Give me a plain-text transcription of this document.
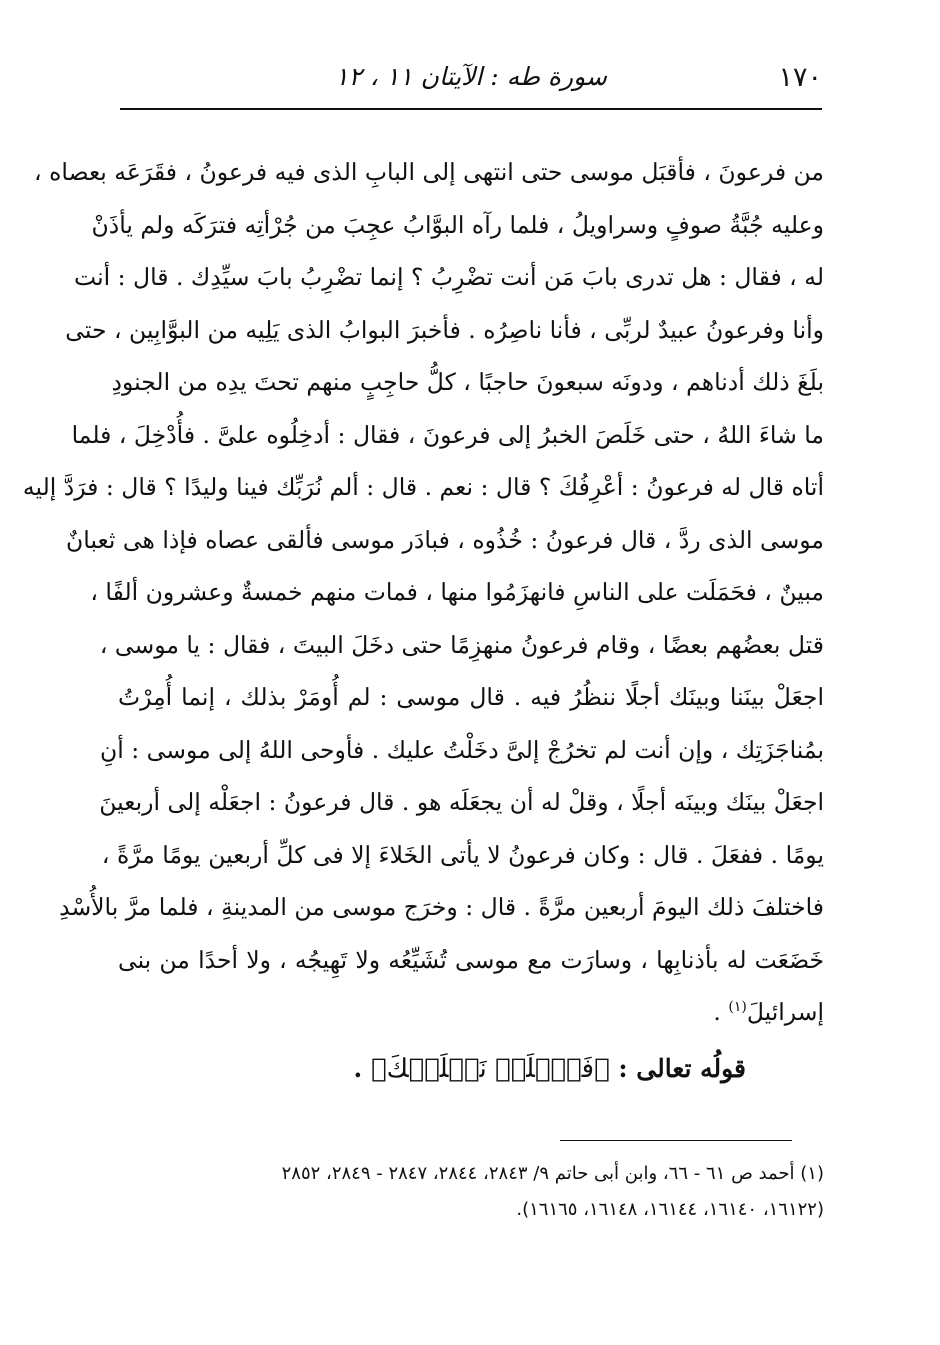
١٧٠
سورة طه : الآيتان ١١ ، ١٢
من فرعونَ ، فأقبَل موسى حتى انتهى إلى البابِ الذى فيه فرعونُ ، فقَرَعَه بعصاه ،
وعليه جُبَّةُ صوفٍ وسراويلُ ، فلما رآه البوَّابُ عجِبَ من جُرْأتِه فترَكَه ولم يأذَنْ
له ، فقال : هل تدرى بابَ مَن أنت تضْرِبُ ؟ إنما تضْرِبُ بابَ سيِّدِك . قال : أنت
وأنا وفرعونُ عبيدٌ لربِّى ، فأنا ناصِرُه . فأخبرَ البوابُ الذى يَلِيه من البوَّابِين ، حتى
بلَغَ ذلك أدناهم ، ودونَه سبعونَ حاجبًا ، كلُّ حاجِبٍ منهم تحتَ يدِه من الجنودِ
ما شاءَ اللهُ ، حتى خَلَصَ الخبرُ إلى فرعونَ ، فقال : أدخِلُوه علىَّ . فأُدْخِلَ ، فلما
أتاه قال له فرعونُ : أعْرِفُكَ ؟ قال : نعم . قال : ألم نُرَبِّك فينا وليدًا ؟ قال : فرَدَّ إليه
موسى الذى ردَّ ، قال فرعونُ : خُذُوه ، فبادَر موسى فألقى عصاه فإذا هى ثعبانٌ
مبينٌ ، فحَمَلَت على الناسِ فانهزَمُوا منها ، فمات منهم خمسةٌ وعشرون ألفًا ،
قتل بعضُهم بعضًا ، وقام فرعونُ منهزِمًا حتى دخَلَ البيتَ ، فقال : يا موسى ،
اجعَلْ بينَنا وبينَك أجلًا ننظُرُ فيه . قال موسى : لم أُومَرْ بذلك ، إنما أُمِرْتُ
بمُناجَزَتِك ، وإن أنت لم تخرُجْ إلىَّ دخَلْتُ عليك . فأوحى اللهُ إلى موسى : أنِ
اجعَلْ بينَك وبينَه أجلًا ، وقلْ له أن يجعَلَه هو . قال فرعونُ : اجعَلْه إلى أربعينَ
يومًا . ففعَلَ . قال : وكان فرعونُ لا يأتى الخَلاءَ إلا فى كلِّ أربعين يومًا مرَّةً ،
فاختلفَ ذلك اليومَ أربعين مرَّةً . قال : وخرَج موسى من المدينةِ ، فلما مرَّ بالأُسْدِ
خَضَعَت له بأذنابِها ، وسارَت مع موسى تُشَيِّعُه ولا تَهِيجُه ، ولا أحدًا من بنى
إسرائيلَ$^{(١)}$ .
قولُه تعالى : ﴿فَٱخۡلَعۡ نَعۡلَيۡكَ﴾ .
(١) أحمد ص ٦١ - ٦٦، وابن أبى حاتم ٩/ ٢٨٤٣، ٢٨٤٤، ٢٨٤٧ - ٢٨٤٩، ٢٨٥٢
(١٦١٢٢، ١٦١٤٠، ١٦١٤٤، ١٦١٤٨، ١٦١٦٥).
